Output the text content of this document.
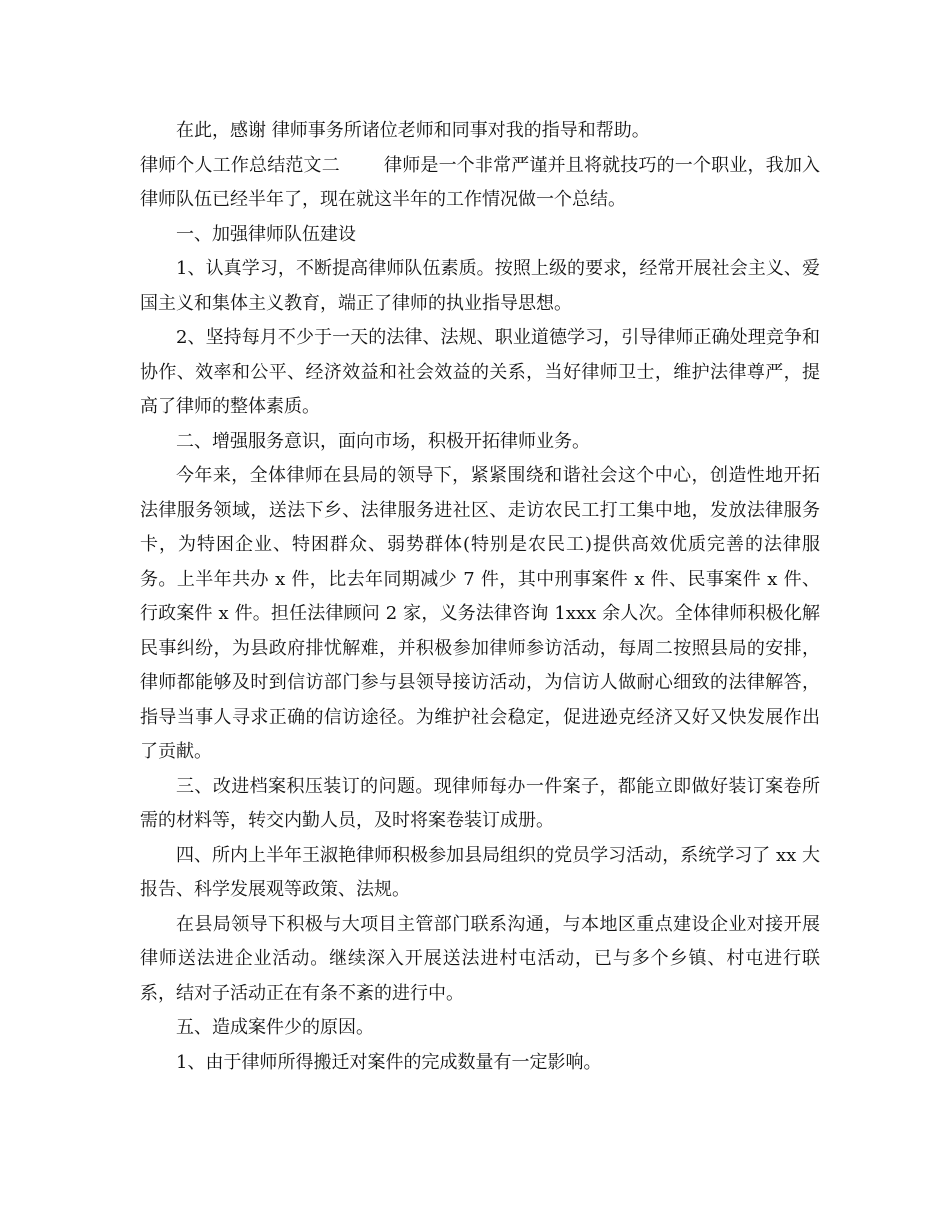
在此，感谢 律师事务所诸位老师和同事对我的指导和帮助。

律师个人工作总结范文二 律师是一个非常严谨并且将就技巧的一个职业，我加入律师队伍已经半年了，现在就这半年的工作情况做一个总结。

一、加强律师队伍建设

1、认真学习，不断提高律师队伍素质。按照上级的要求，经常开展社会主义、爱国主义和集体主义教育，端正了律师的执业指导思想。

2、坚持每月不少于一天的法律、法规、职业道德学习，引导律师正确处理竞争和协作、效率和公平、经济效益和社会效益的关系，当好律师卫士，维护法律尊严，提高了律师的整体素质。

二、增强服务意识，面向市场，积极开拓律师业务。

今年来，全体律师在县局的领导下，紧紧围绕和谐社会这个中心，创造性地开拓法律服务领域，送法下乡、法律服务进社区、走访农民工打工集中地，发放法律服务卡，为特困企业、特困群众、弱势群体(特别是农民工)提供高效优质完善的法律服务。上半年共办 x 件，比去年同期减少 7 件，其中刑事案件 x 件、民事案件 x 件、行政案件 x 件。担任法律顾问 2 家，义务法律咨询 1xxx 余人次。全体律师积极化解民事纠纷，为县政府排忧解难，并积极参加律师参访活动，每周二按照县局的安排，律师都能够及时到信访部门参与县领导接访活动，为信访人做耐心细致的法律解答，指导当事人寻求正确的信访途径。为维护社会稳定，促进逊克经济又好又快发展作出了贡献。

三、改进档案积压装订的问题。现律师每办一件案子，都能立即做好装订案卷所需的材料等，转交内勤人员，及时将案卷装订成册。

四、所内上半年王淑艳律师积极参加县局组织的党员学习活动，系统学习了 xx 大报告、科学发展观等政策、法规。

在县局领导下积极与大项目主管部门联系沟通，与本地区重点建设企业对接开展律师送法进企业活动。继续深入开展送法进村屯活动，已与多个乡镇、村屯进行联系，结对子活动正在有条不紊的进行中。

五、造成案件少的原因。

1、由于律师所得搬迁对案件的完成数量有一定影响。
